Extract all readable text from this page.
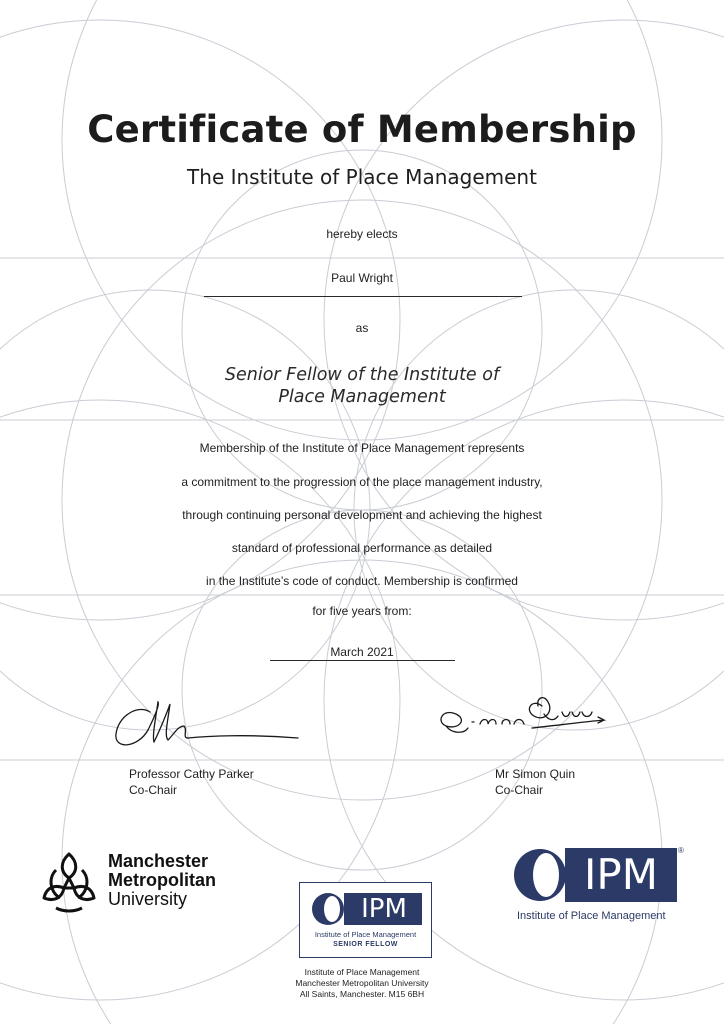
Certificate of Membership
The Institute of Place Management
hereby elects
Paul Wright
as
Senior Fellow of the Institute of Place Management
Membership of the Institute of Place Management represents
a commitment to the progression of the place management industry,
through continuing personal development and achieving the highest
standard of professional performance as detailed
in the Institute’s code of conduct. Membership is confirmed
for five years from:
March 2021
Professor Cathy Parker
Co-Chair
Mr Simon Quin
Co-Chair
Manchester
Metropolitan
University	IPM
Institute of Place Management
SENIOR FELLOW
IPM	®
Institute of Place Management
Institute of Place Management
Manchester Metropolitan University
All Saints, Manchester. M15 6BH
